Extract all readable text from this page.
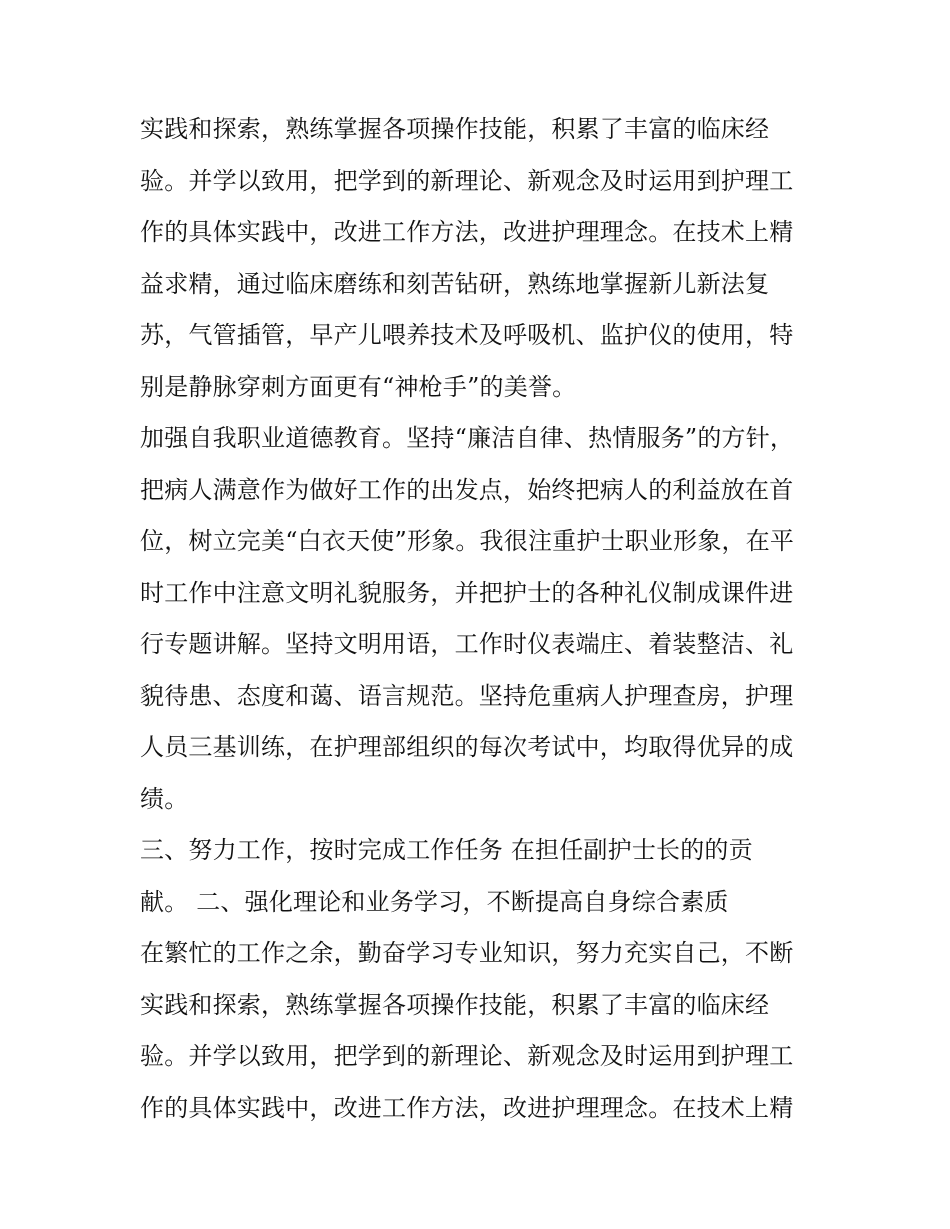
实践和探索，熟练掌握各项操作技能，积累了丰富的临床经
验。并学以致用，把学到的新理论、新观念及时运用到护理工
作的具体实践中，改进工作方法，改进护理理念。在技术上精
益求精，通过临床磨练和刻苦钻研，熟练地掌握新儿新法复
苏，气管插管，早产儿喂养技术及呼吸机、监护仪的使用，特
别是静脉穿刺方面更有“神枪手”的美誉。
加强自我职业道德教育。坚持“廉洁自律、热情服务”的方针，
把病人满意作为做好工作的出发点，始终把病人的利益放在首
位，树立完美“白衣天使”形象。我很注重护士职业形象，在平
时工作中注意文明礼貌服务，并把护士的各种礼仪制成课件进
行专题讲解。坚持文明用语，工作时仪表端庄、着装整洁、礼
貌待患、态度和蔼、语言规范。坚持危重病人护理查房，护理
人员三基训练，在护理部组织的每次考试中，均取得优异的成
绩。
三、努力工作，按时完成工作任务 在担任副护士长的的贡
献。 二、强化理论和业务学习，不断提高自身综合素质
在繁忙的工作之余，勤奋学习专业知识，努力充实自己，不断
实践和探索，熟练掌握各项操作技能，积累了丰富的临床经
验。并学以致用，把学到的新理论、新观念及时运用到护理工
作的具体实践中，改进工作方法，改进护理理念。在技术上精
